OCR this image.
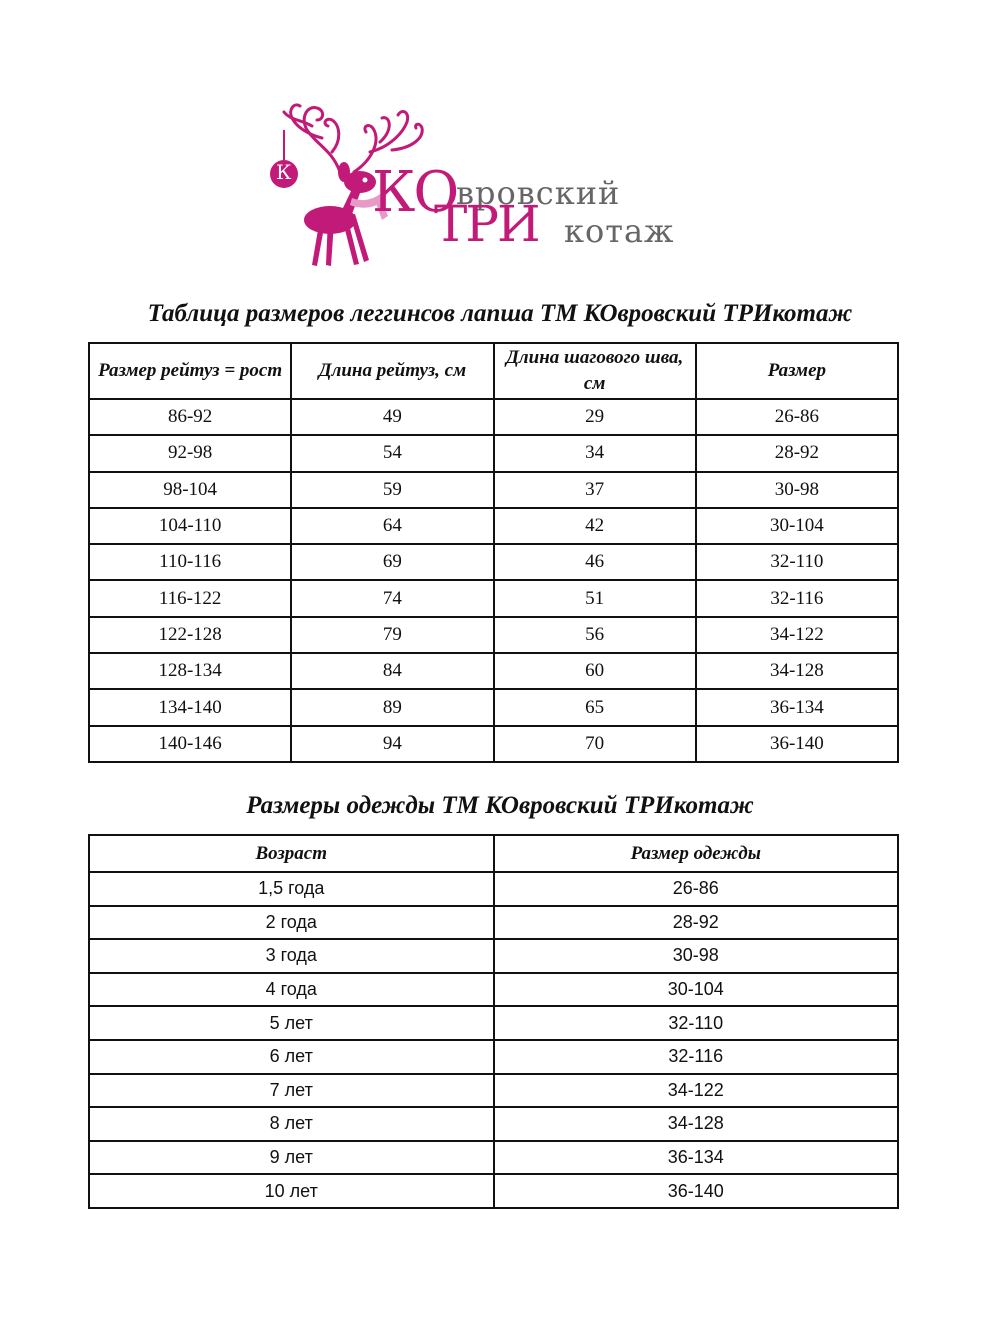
К КО
вровский
ТРИ котаж
Таблица размеров леггинсов лапша ТМ КОвровский ТРИкотаж
Размер рейтуз = рост	Длина рейтуз, см	Длина шагового шва, см	Размер
86-92	49	29	26-86
92-98	54	34	28-92
98-104	59	37	30-98
104-110	64	42	30-104
110-116	69	46	32-110
116-122	74	51	32-116
122-128	79	56	34-122
128-134	84	60	34-128
134-140	89	65	36-134
140-146	94	70	36-140
Размеры одежды ТМ КОвровский ТРИкотаж
Возраст	Размер одежды
1,5 года	26-86
2 года	28-92
3 года	30-98
4 года	30-104
5 лет	32-110
6 лет	32-116
7 лет	34-122
8 лет	34-128
9 лет	36-134
10 лет	36-140
